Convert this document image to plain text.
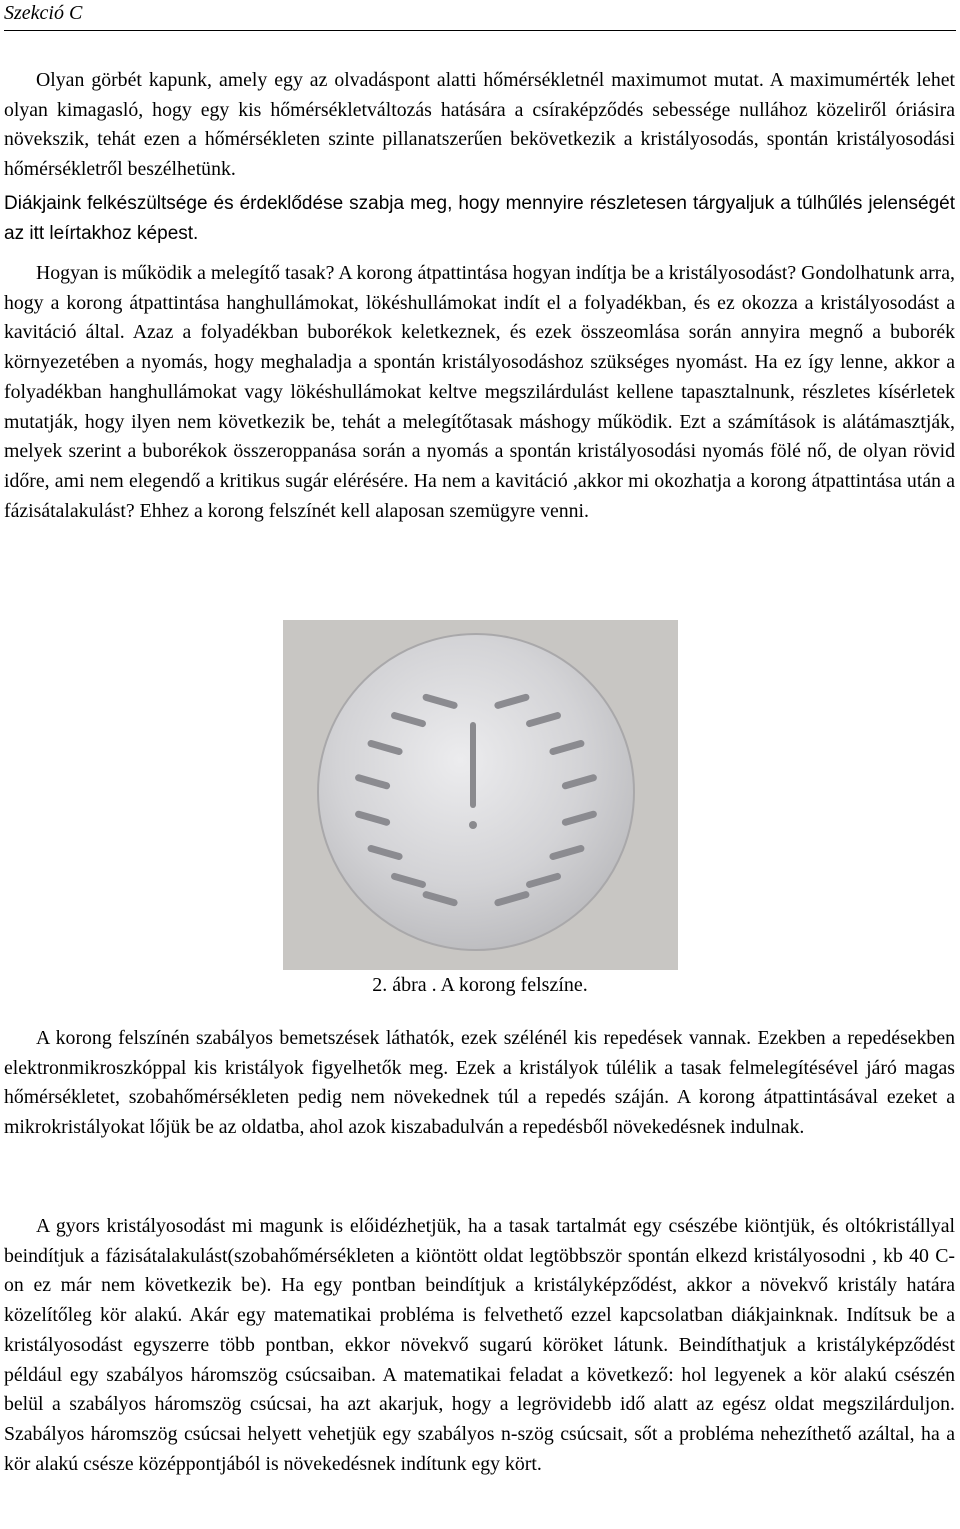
Szekció C

Olyan görbét kapunk, amely egy az olvadáspont alatti hőmérsékletnél maximumot mutat. A maximumérték lehet olyan kimagasló, hogy egy kis hőmérsékletváltozás hatására a csíraképződés sebessége nullához közeliről óriásira növekszik, tehát ezen a hőmérsékleten szinte pillanatszerűen bekövetkezik a kristályosodás, spontán kristályosodási hőmérsékletről beszélhetünk.

Diákjaink felkészültsége és érdeklődése szabja meg, hogy mennyire részletesen tárgyaljuk a túlhűlés jelenségét az itt leírtakhoz képest.

Hogyan is működik a melegítő tasak? A korong átpattintása hogyan indítja be a kristályosodást? Gondolhatunk arra, hogy a korong átpattintása hanghullámokat, lökéshullámokat indít el a folyadékban, és ez okozza a kristályosodást a kavitáció által. Azaz a folyadékban buborékok keletkeznek, és ezek összeomlása során annyira megnő a buborék környezetében a nyomás, hogy meghaladja a spontán kristályosodáshoz szükséges nyomást. Ha ez így lenne, akkor a folyadékban hanghullámokat vagy lökéshullámokat keltve megszilárdulást kellene tapasztalnunk, részletes kísérletek mutatják, hogy ilyen nem következik be, tehát a melegítőtasak máshogy működik. Ezt a számítások is alátámasztják, melyek szerint a buborékok összeroppanása során a nyomás a spontán kristályosodási nyomás fölé nő, de olyan rövid időre, ami nem elegendő a kritikus sugár elérésére. Ha nem a kavitáció ,akkor mi okozhatja a korong átpattintása után a fázisátalakulást? Ehhez a korong felszínét kell alaposan szemügyre venni.

2. ábra . A korong felszíne.

A korong felszínén szabályos bemetszések láthatók, ezek szélénél kis repedések vannak. Ezekben a repedésekben elektronmikroszkóppal kis kristályok figyelhetők meg. Ezek a kristályok túlélik a tasak felmelegítésével járó magas hőmérsékletet, szobahőmérsékleten pedig nem növekednek túl a repedés száján. A korong átpattintásával ezeket a mikrokristályokat lőjük be az oldatba, ahol azok kiszabadulván a repedésből növekedésnek indulnak.

A gyors kristályosodást mi magunk is előidézhetjük, ha a tasak tartalmát egy csészébe kiöntjük, és oltókristállyal beindítjuk a fázisátalakulást(szobahőmérsékleten a kiöntött oldat legtöbbször spontán elkezd kristályosodni , kb 40 C-on ez már nem következik be). Ha egy pontban beindítjuk a kristályképződést, akkor a növekvő kristály határa közelítőleg kör alakú. Akár egy matematikai probléma is felvethető ezzel kapcsolatban diákjainknak. Indítsuk be a kristályosodást egyszerre több pontban, ekkor növekvő sugarú köröket látunk. Beindíthatjuk a kristályképződést például egy szabályos háromszög csúcsaiban. A matematikai feladat a következő: hol legyenek a kör alakú csészén belül a szabályos háromszög csúcsai, ha azt akarjuk, hogy a legrövidebb idő alatt az egész oldat megszilárduljon. Szabályos háromszög csúcsai helyett vehetjük egy szabályos n-szög csúcsait, sőt a probléma nehezíthető azáltal, ha a kör alakú csésze középpontjából is növekedésnek indítunk egy kört.
